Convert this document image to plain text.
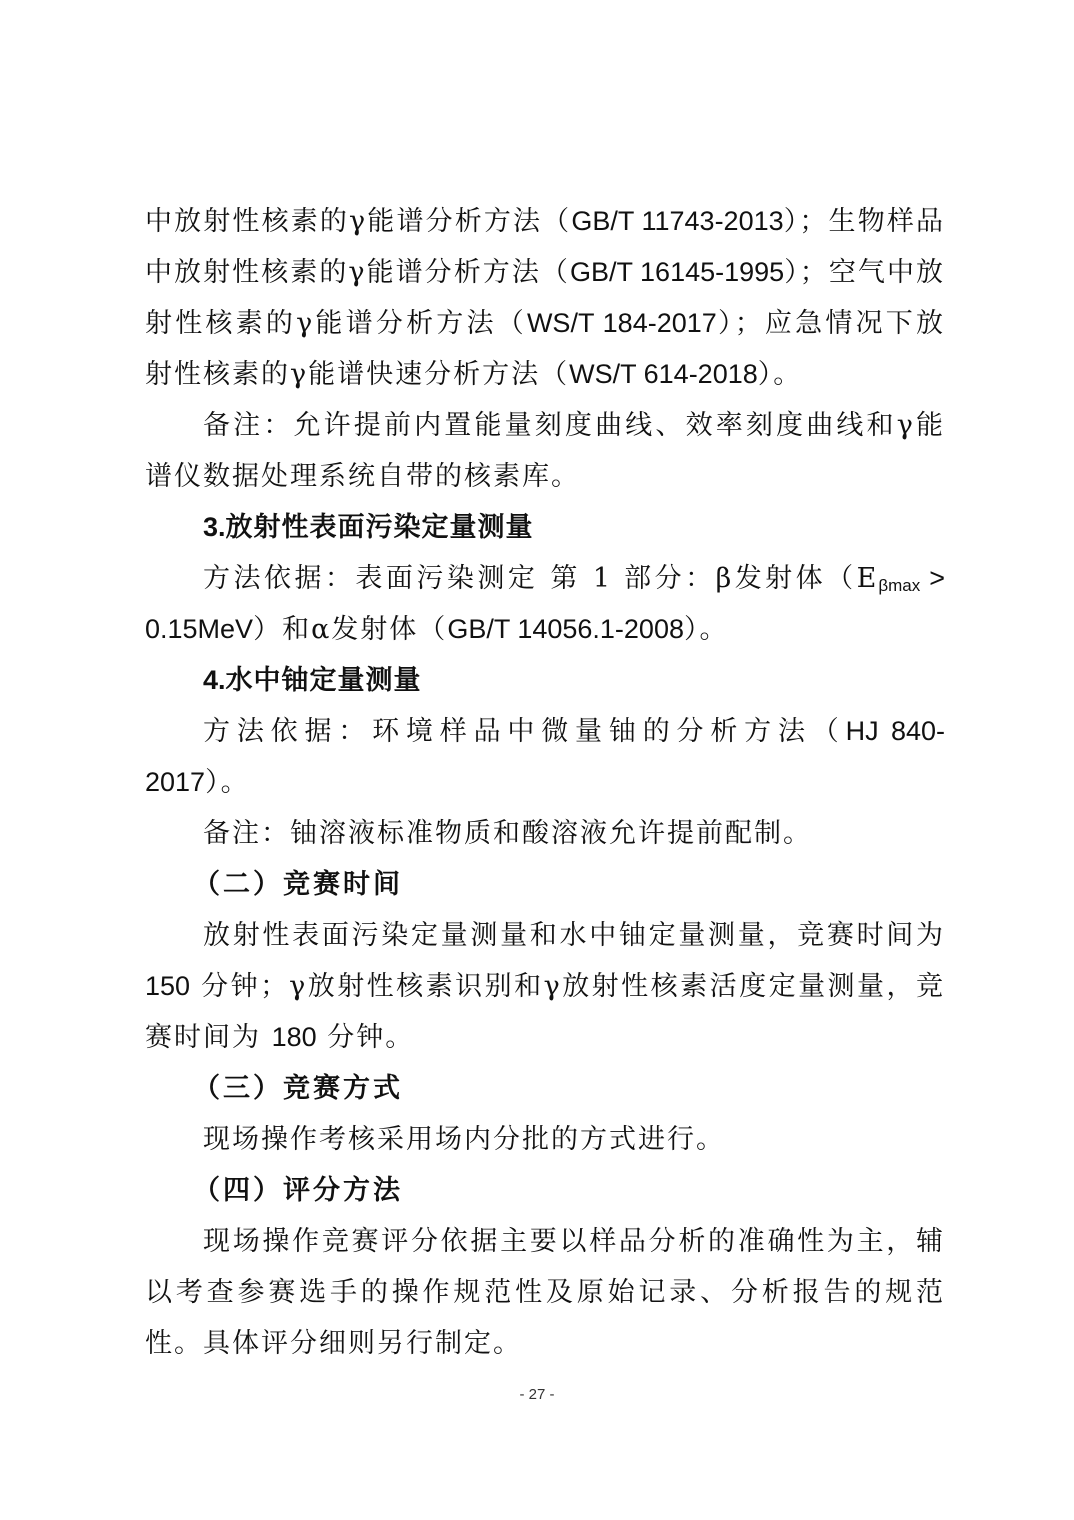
中放射性核素的γ能谱分析方法（GB/T 11743-2013）；生物样品中放射性核素的γ能谱分析方法（GB/T 16145-1995）；空气中放射性核素的γ能谱分析方法（WS/T 184-2017）；应急情况下放射性核素的γ能谱快速分析方法（WS/T 614-2018）。

备注：允许提前内置能量刻度曲线、效率刻度曲线和γ能谱仪数据处理系统自带的核素库。

3.放射性表面污染定量测量

方法依据：表面污染测定 第 1 部分：β发射体$(E_{\beta max} > 0.15MeV)$和α发射体（GB/T 14056.1-2008）。

4.水中铀定量测量

方法依据：环境样品中微量铀的分析方法（HJ 840-2017）。

备注：铀溶液标准物质和酸溶液允许提前配制。

（二）竞赛时间

放射性表面污染定量测量和水中铀定量测量，竞赛时间为 150 分钟；γ放射性核素识别和γ放射性核素活度定量测量，竞赛时间为 180 分钟。

（三）竞赛方式

现场操作考核采用场内分批的方式进行。

（四）评分方法

现场操作竞赛评分依据主要以样品分析的准确性为主，辅以考查参赛选手的操作规范性及原始记录、分析报告的规范性。具体评分细则另行制定。

- 27 -
